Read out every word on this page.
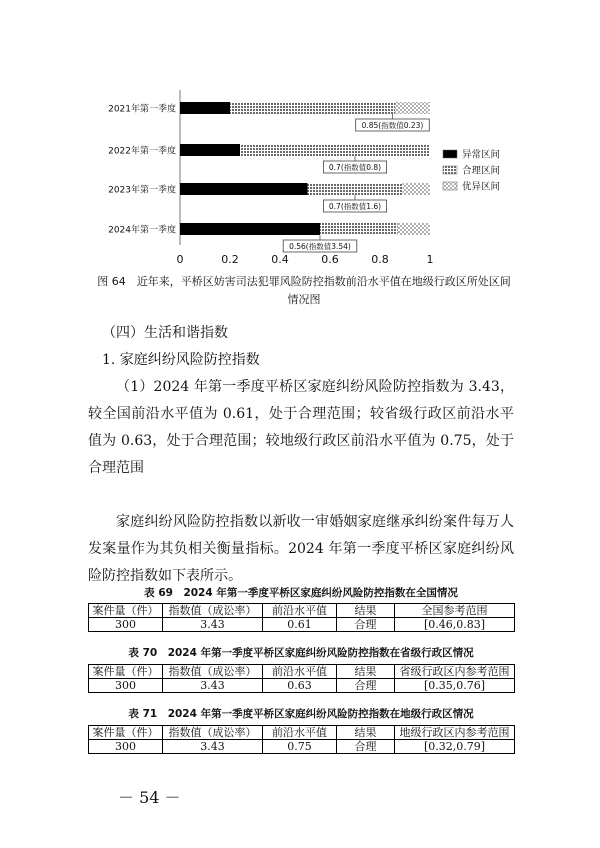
2021年第一季度
0.85(指数值0.23)
2022年第一季度
0.7(指数值0.8)
2023年第一季度
0.7(指数值1.6)
2024年第一季度
0.56(指数值3.54)
0	0.2	0.4	0.6	0.8	1
异常区间
合理区间
优异区间
图 64　近年来，平桥区妨害司法犯罪风险防控指数前沿水平值在地级行政区所处区间
情况图
（四）生活和谐指数
1. 家庭纠纷风险防控指数
（1）2024 年第一季度平桥区家庭纠纷风险防控指数为 3.43，较全国前沿水平值为 0.61，处于合理范围；较省级行政区前沿水平值为 0.63，处于合理范围；较地级行政区前沿水平值为 0.75，处于合理范围
家庭纠纷风险防控指数以新收一审婚姻家庭继承纠纷案件每万人发案量作为其负相关衡量指标。2024 年第一季度平桥区家庭纠纷风险防控指数如下表所示。
表 69　2024 年第一季度平桥区家庭纠纷风险防控指数在全国情况
案件量（件）	指数值（成讼率）	前沿水平值	结果	全国参考范围
300	3.43	0.61	合理	[0.46,0.83]
表 70　2024 年第一季度平桥区家庭纠纷风险防控指数在省级行政区情况
案件量（件）	指数值（成讼率）	前沿水平值	结果	省级行政区内参考范围
300	3.43	0.63	合理	[0.35,0.76]
表 71　2024 年第一季度平桥区家庭纠纷风险防控指数在地级行政区情况
案件量（件）	指数值（成讼率）	前沿水平值	结果	地级行政区内参考范围
300	3.43	0.75	合理	[0.32,0.79]
－ 54 －
